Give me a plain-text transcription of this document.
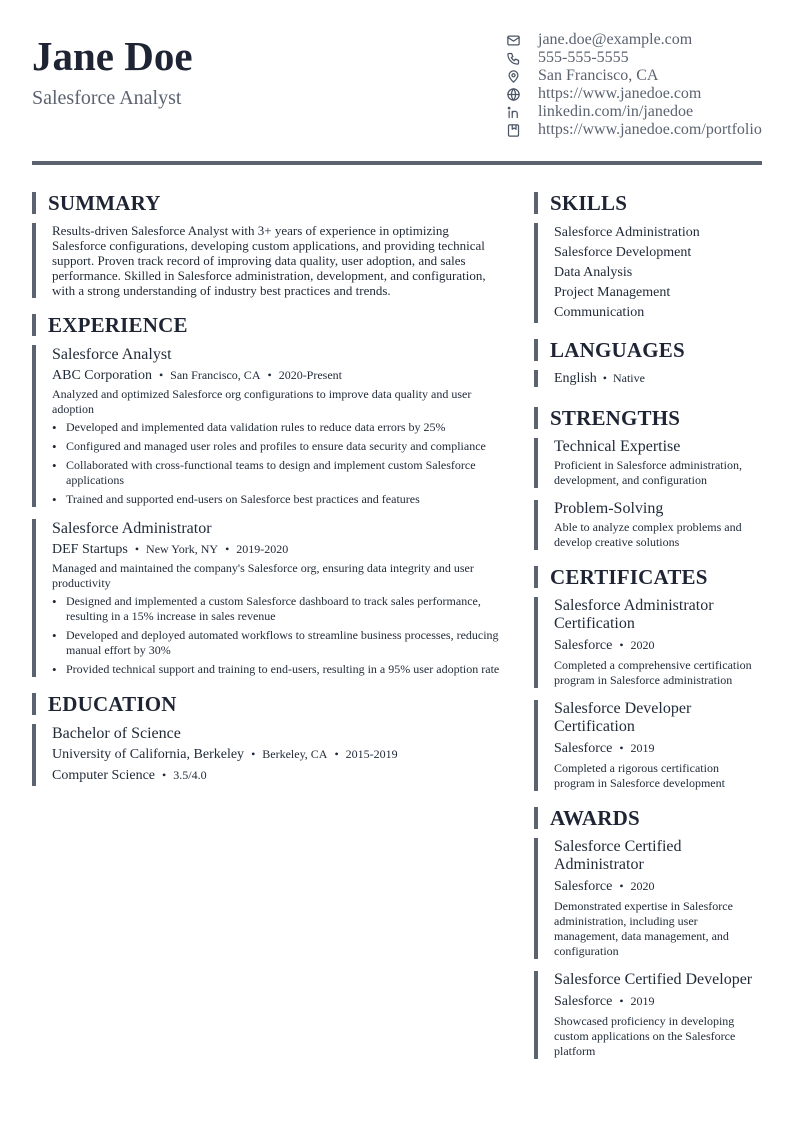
Jane Doe
Salesforce Analyst
jane.doe@example.com
555-555-5555
San Francisco, CA
https://www.janedoe.com
linkedin.com/in/janedoe
https://www.janedoe.com/portfolio
SUMMARY

Results-driven Salesforce Analyst with 3+ years of experience in optimizing Salesforce configurations, developing custom applications, and providing technical support. Proven track record of improving data quality, user adoption, and sales performance. Skilled in Salesforce administration, development, and configuration, with a strong understanding of industry best practices and trends.

EXPERIENCE
Salesforce Analyst
ABC Corporation • San Francisco, CA • 2020-Present

Analyzed and optimized Salesforce org configurations to improve data quality and user adoption

• Developed and implemented data validation rules to reduce data errors by 25%
• Configured and managed user roles and profiles to ensure data security and compliance
• Collaborated with cross-functional teams to design and implement custom Salesforce applications
• Trained and supported end-users on Salesforce best practices and features
Salesforce Administrator
DEF Startups • New York, NY • 2019-2020

Managed and maintained the company's Salesforce org, ensuring data integrity and user productivity

• Designed and implemented a custom Salesforce dashboard to track sales performance, resulting in a 15% increase in sales revenue
• Developed and deployed automated workflows to streamline business processes, reducing manual effort by 30%
• Provided technical support and training to end-users, resulting in a 95% user adoption rate
EDUCATION
Bachelor of Science
University of California, Berkeley • Berkeley, CA • 2015-2019
Computer Science • 3.5/4.0
SKILLS
Salesforce Administration
Salesforce Development
Data Analysis
Project Management
Communication
LANGUAGES
English • Native
STRENGTHS
Technical Expertise
Proficient in Salesforce administration, development, and configuration
Problem-Solving
Able to analyze complex problems and develop creative solutions
CERTIFICATES
Salesforce Administrator Certification
Salesforce • 2020
Completed a comprehensive certification program in Salesforce administration
Salesforce Developer Certification
Salesforce • 2019
Completed a rigorous certification program in Salesforce development
AWARDS
Salesforce Certified Administrator
Salesforce • 2020
Demonstrated expertise in Salesforce administration, including user management, data management, and configuration
Salesforce Certified Developer
Salesforce • 2019
Showcased proficiency in developing custom applications on the Salesforce platform
